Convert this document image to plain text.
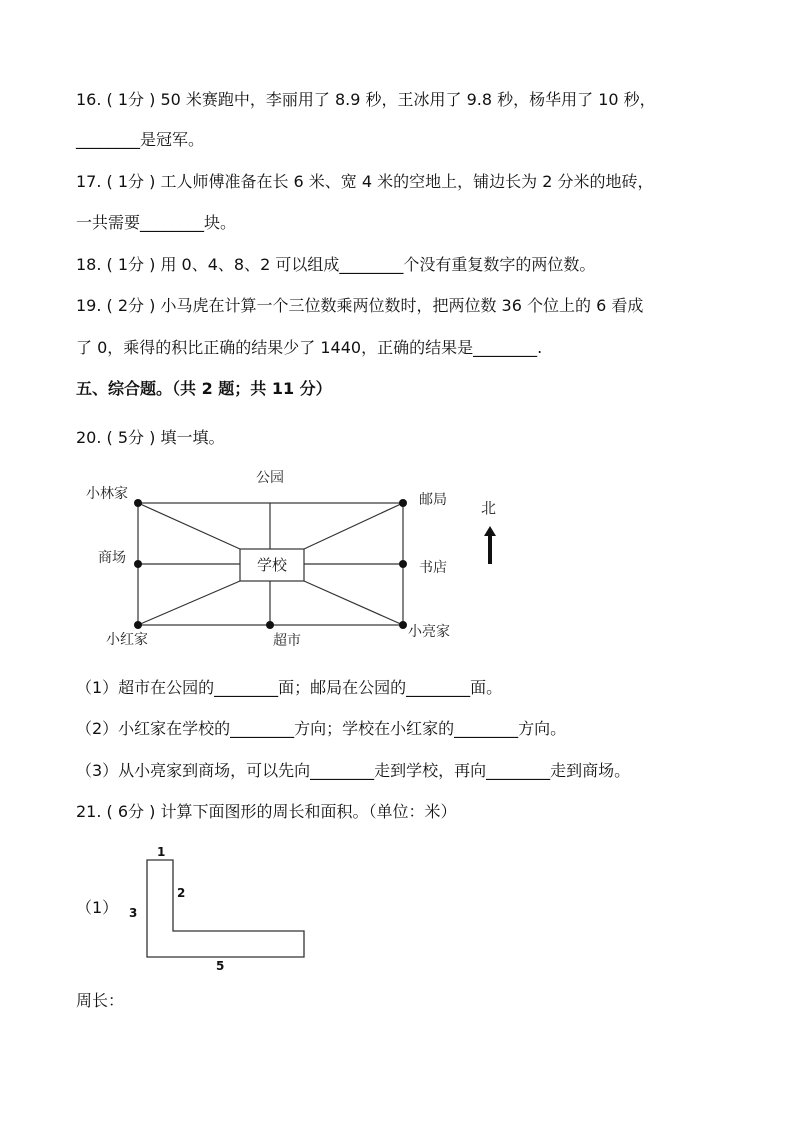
16. ( 1分 ) 50 米赛跑中，李丽用了 8.9 秒，王冰用了 9.8 秒，杨华用了 10 秒，
________是冠军。
17. ( 1分 ) 工人师傅准备在长 6 米、宽 4 米的空地上，铺边长为 2 分米的地砖，
一共需要________块。
18. ( 1分 ) 用 0、4、8、2 可以组成________个没有重复数字的两位数。
19. ( 2分 ) 小马虎在计算一个三位数乘两位数时，把两位数 36 个位上的 6 看成
了 0，乘得的积比正确的结果少了 1440，正确的结果是________.
五、综合题。（共 2 题；共 11 分）
20. ( 5分 ) 填一填。
学校
小林家
公园
邮局
商场
书店
小红家	超市
小亮家
北
（1）超市在公园的________面；邮局在公园的________面。
（2）小红家在学校的________方向；学校在小红家的________方向。
（3）从小亮家到商场，可以先向________走到学校，再向________走到商场。
21. ( 6分 ) 计算下面图形的周长和面积。（单位：米）
（1）
1
2
3
5
周长：
